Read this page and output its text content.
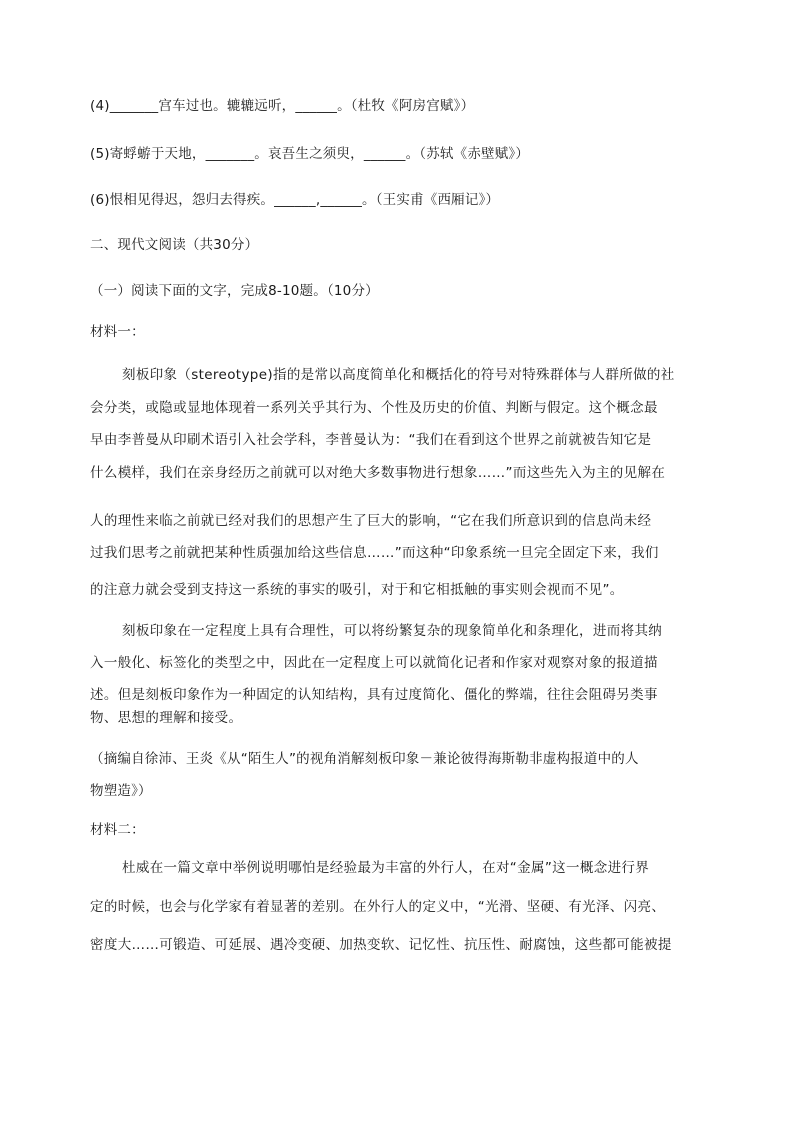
(4)_______宫车过也。辘辘远听，______。（杜牧《阿房宫赋》）
(5)寄蜉蝣于天地，_______。哀吾生之须臾，______。（苏轼《赤壁赋》）
(6)恨相见得迟，怨归去得疾。______,______。（王实甫《西厢记》）
二、现代文阅读（共30分）
（一）阅读下面的文字，完成8-10题。（10分）
材料一：
刻板印象（stereotype)指的是常以高度简单化和概括化的符号对特殊群体与人群所做的社
会分类，或隐或显地体现着一系列关乎其行为、个性及历史的价值、判断与假定。这个概念最
早由李普曼从印刷术语引入社会学科，李普曼认为：“我们在看到这个世界之前就被告知它是
什么模样，我们在亲身经历之前就可以对绝大多数事物进行想象……”而这些先入为主的见解在
人的理性来临之前就已经对我们的思想产生了巨大的影响，“它在我们所意识到的信息尚未经
过我们思考之前就把某种性质强加给这些信息……”而这种“印象系统一旦完全固定下来，我们
的注意力就会受到支持这一系统的事实的吸引，对于和它相抵触的事实则会视而不见”。
刻板印象在一定程度上具有合理性，可以将纷繁复杂的现象简单化和条理化，进而将其纳
入一般化、标签化的类型之中，因此在一定程度上可以就简化记者和作家对观察对象的报道描
述。但是刻板印象作为一种固定的认知结构，具有过度简化、僵化的弊端，往往会阻碍另类事
物、思想的理解和接受。
（摘编自徐沛、王炎《从“陌生人”的视角消解刻板印象－兼论彼得海斯勒非虚构报道中的人
物塑造》）
材料二：
杜威在一篇文章中举例说明哪怕是经验最为丰富的外行人，在对“金属”这一概念进行界
定的时候，也会与化学家有着显著的差别。在外行人的定义中，“光滑、坚硬、有光泽、闪亮、
密度大……可锻造、可延展、遇冷变硬、加热变软、记忆性、抗压性、耐腐蚀，这些都可能被提
